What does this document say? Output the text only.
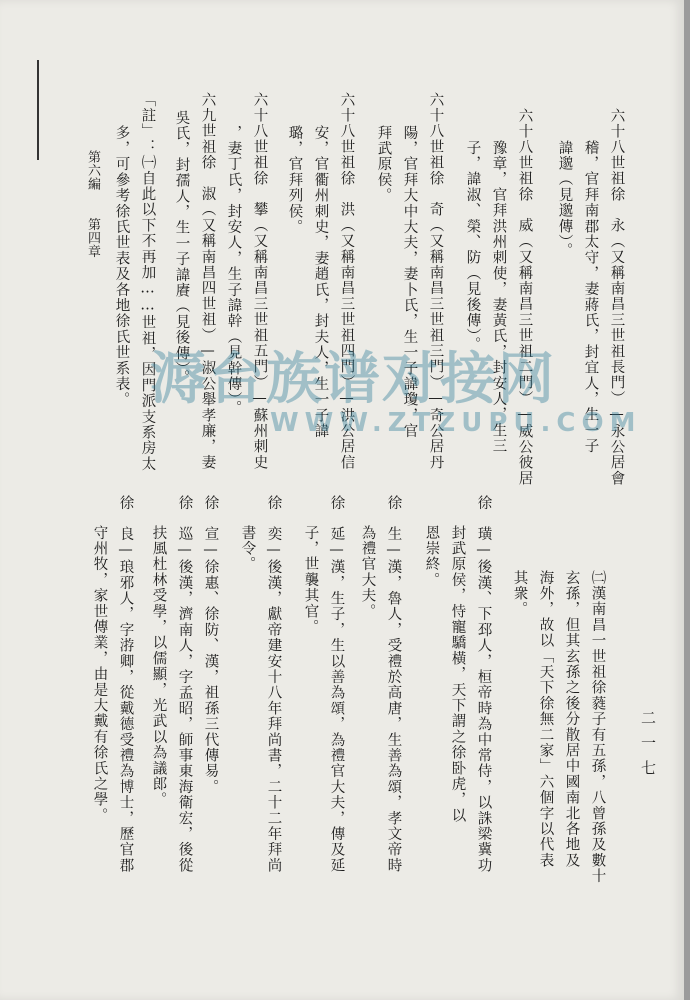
二一七
第六編　　第四章	六十八世祖徐　永（又稱南昌三世祖長門）—永公居會
稽，官拜南郡太守，妻蔣氏，封宜人，生一子
諱邈（見邈傳）。
六十八世祖徐　威（又稱南昌三世祖二門）—威公彼居
豫章，官拜洪州刺使，妻黃氏，封安人，生三
子，諱淑、榮、防（見後傳）。
六十八世祖徐　奇（又稱南昌三世祖三門）—奇公居丹
陽，官拜大中大夫，妻卜氏，生一子諱瓊，官
拜武原侯。
六十八世祖徐　洪（又稱南昌三世祖四門）—洪公居信
安，官衢州刺史，妻趙氏，封夫人，生一子諱
璐，官拜列侯。
六十八世祖徐　攀（又稱南昌三世祖五門）—蘇州刺史
，妻丁氏，封安人，生子諱幹（見幹傳）。
六九世祖徐　淑（又稱南昌四世祖）—淑公舉孝廉，妻
吳氏，封孺人，生一子諱賡（見後傳）。
「註」：㈠自此以下不再加……世祖，因門派支系房太
多，可參考徐氏世表及各地徐氏世系表。
㈡漢南昌一世祖徐蕤子有五孫，八曾孫及數十
玄孫，但其玄孫之後分散居中國南北各地及
海外，故以「天下徐無二家」六個字以代表
其衆。
徐　璜—後漢、下邳人，桓帝時為中常侍，以誅梁冀功
封武原侯，恃寵驕橫，天下謂之徐卧虎，以
恩崇終。
徐　生—漢，魯人，受禮於高唐，生善為頌，孝文帝時
為禮官大夫。
徐　延—漢，生子，生以善為頌，為禮官大夫，傳及延
子，世襲其官。
徐　奕—後漢，獻帝建安十八年拜尚書，二十二年拜尚
書令。
徐　宣—徐惠、徐防、漢，祖孫三代傳易。
徐　巡—後漢，濟南人，字孟昭，師事東海衛宏，後從
扶風杜林受學，以儒顯，光武以為議郎。
徐　良—琅邪人，字㳺卿，從戴德受禮為博士，歷官郡
守州牧，家世傳業，由是大戴有徐氏之學。
溽台族谱对接网
WWW.ZTZUPU.COM
